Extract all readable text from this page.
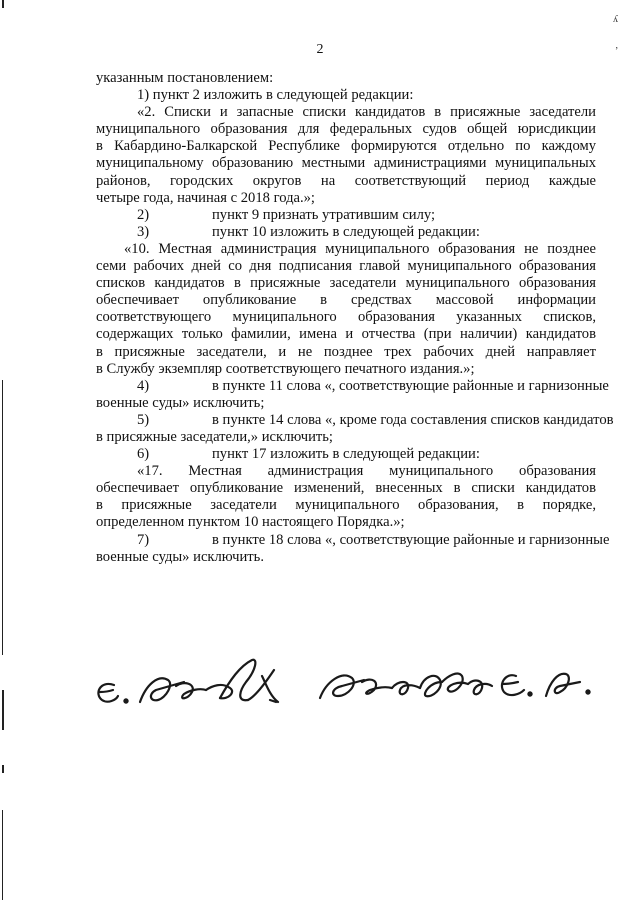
ʎ
,
2
указанным постановлением:
1) пункт 2 изложить в следующей редакции:
«2. Списки и запасные списки кандидатов в присяжные заседатели
муниципального образования для федеральных судов общей юрисдикции
в Кабардино-Балкарской Республике формируются отдельно по каждому
муниципальному образованию местными администрациями муниципальных
районов, городских округов на соответствующий период каждые
четыре года, начиная с 2018 года.»;
2)	пункт 9 признать утратившим силу;
3)	пункт 10 изложить в следующей редакции:
«10. Местная администрация муниципального образования не позднее
семи рабочих дней со дня подписания главой муниципального образования
списков кандидатов в присяжные заседатели муниципального образования
обеспечивает опубликование в средствах массовой информации
соответствующего муниципального образования указанных списков,
содержащих только фамилии, имена и отчества (при наличии) кандидатов
в присяжные заседатели, и не позднее трех рабочих дней направляет
в Службу экземпляр соответствующего печатного издания.»;
4)	в пункте 11 слова «, соответствующие районные и гарнизонные
военные суды» исключить;
5)	в пункте 14 слова «, кроме года составления списков кандидатов
в присяжные заседатели,» исключить;
6)	пункт 17 изложить в следующей редакции:
«17. Местная администрация муниципального образования
обеспечивает опубликование изменений, внесенных в списки кандидатов
в присяжные заседатели муниципального образования, в порядке,
определенном пунктом 10 настоящего Порядка.»;
7)	в пункте 18 слова «, соответствующие районные и гарнизонные
военные суды» исключить.
